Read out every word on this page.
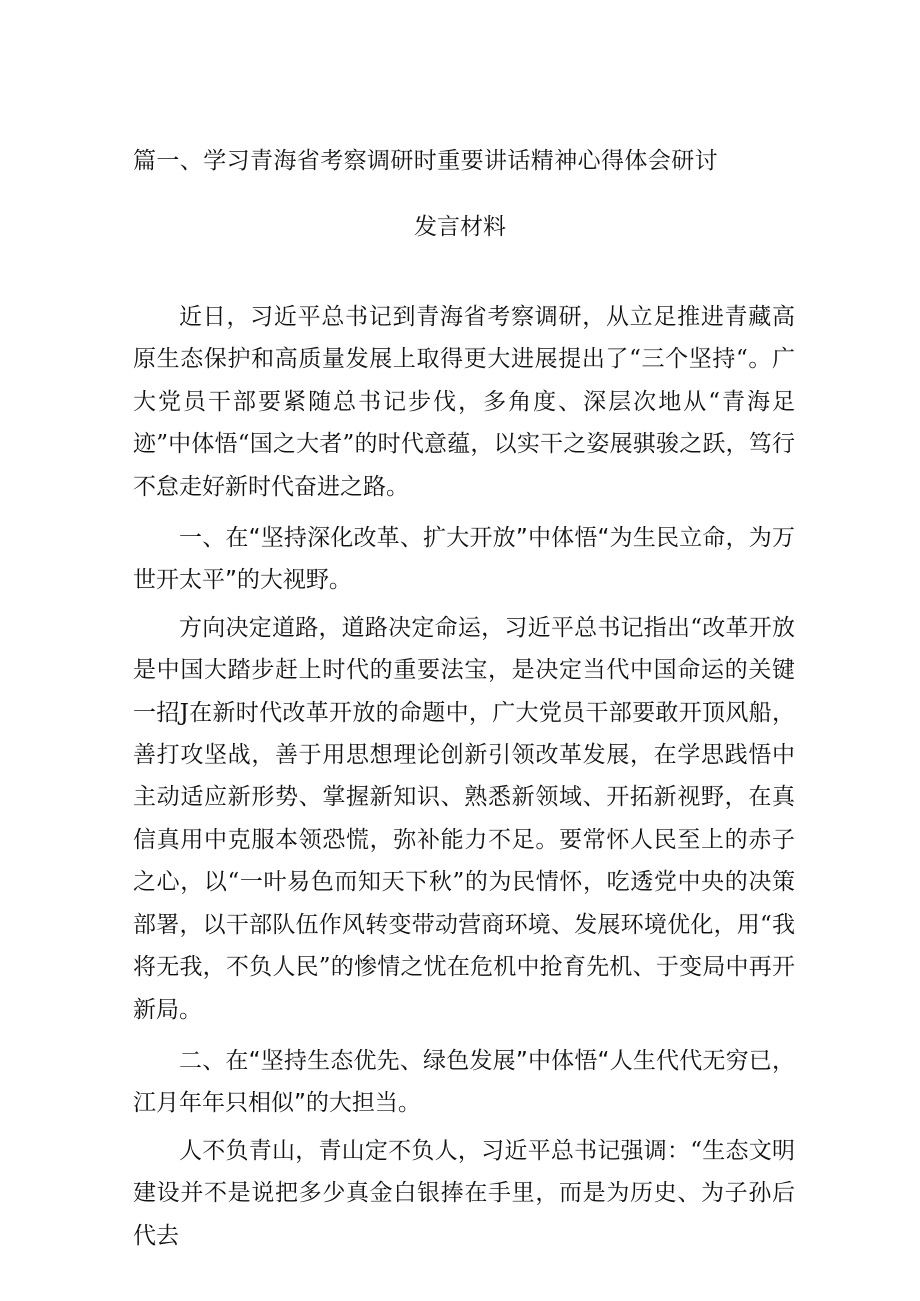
篇一、学习青海省考察调研时重要讲话精神心得体会研讨
发言材料

近日，习近平总书记到青海省考察调研，从立足推进青藏高原生态保护和高质量发展上取得更大进展提出了“三个坚持“。广大党员干部要紧随总书记步伐，多角度、深层次地从“青海足迹”中体悟“国之大者”的时代意蕴，以实干之姿展骐骏之跃，笃行不怠走好新时代奋进之路。

一、在“坚持深化改革、扩大开放”中体悟“为生民立命，为万世开太平”的大视野。

方向决定道路，道路决定命运，习近平总书记指出“改革开放是中国大踏步赶上时代的重要法宝，是决定当代中国命运的关键一招J在新时代改革开放的命题中，广大党员干部要敢开顶风船，善打攻坚战，善于用思想理论创新引领改革发展，在学思践悟中主动适应新形势、掌握新知识、熟悉新领域、开拓新视野，在真信真用中克服本领恐慌，弥补能力不足。要常怀人民至上的赤子之心，以“一叶易色而知天下秋”的为民情怀，吃透党中央的决策部署，以干部队伍作风转变带动营商环境、发展环境优化，用“我将无我，不负人民”的惨情之忧在危机中抢育先机、于变局中再开新局。

二、在“坚持生态优先、绿色发展”中体悟“人生代代无穷已，江月年年只相似”的大担当。

人不负青山，青山定不负人，习近平总书记强调：“生态文明建设并不是说把多少真金白银捧在手里，而是为历史、为子孙后代去
